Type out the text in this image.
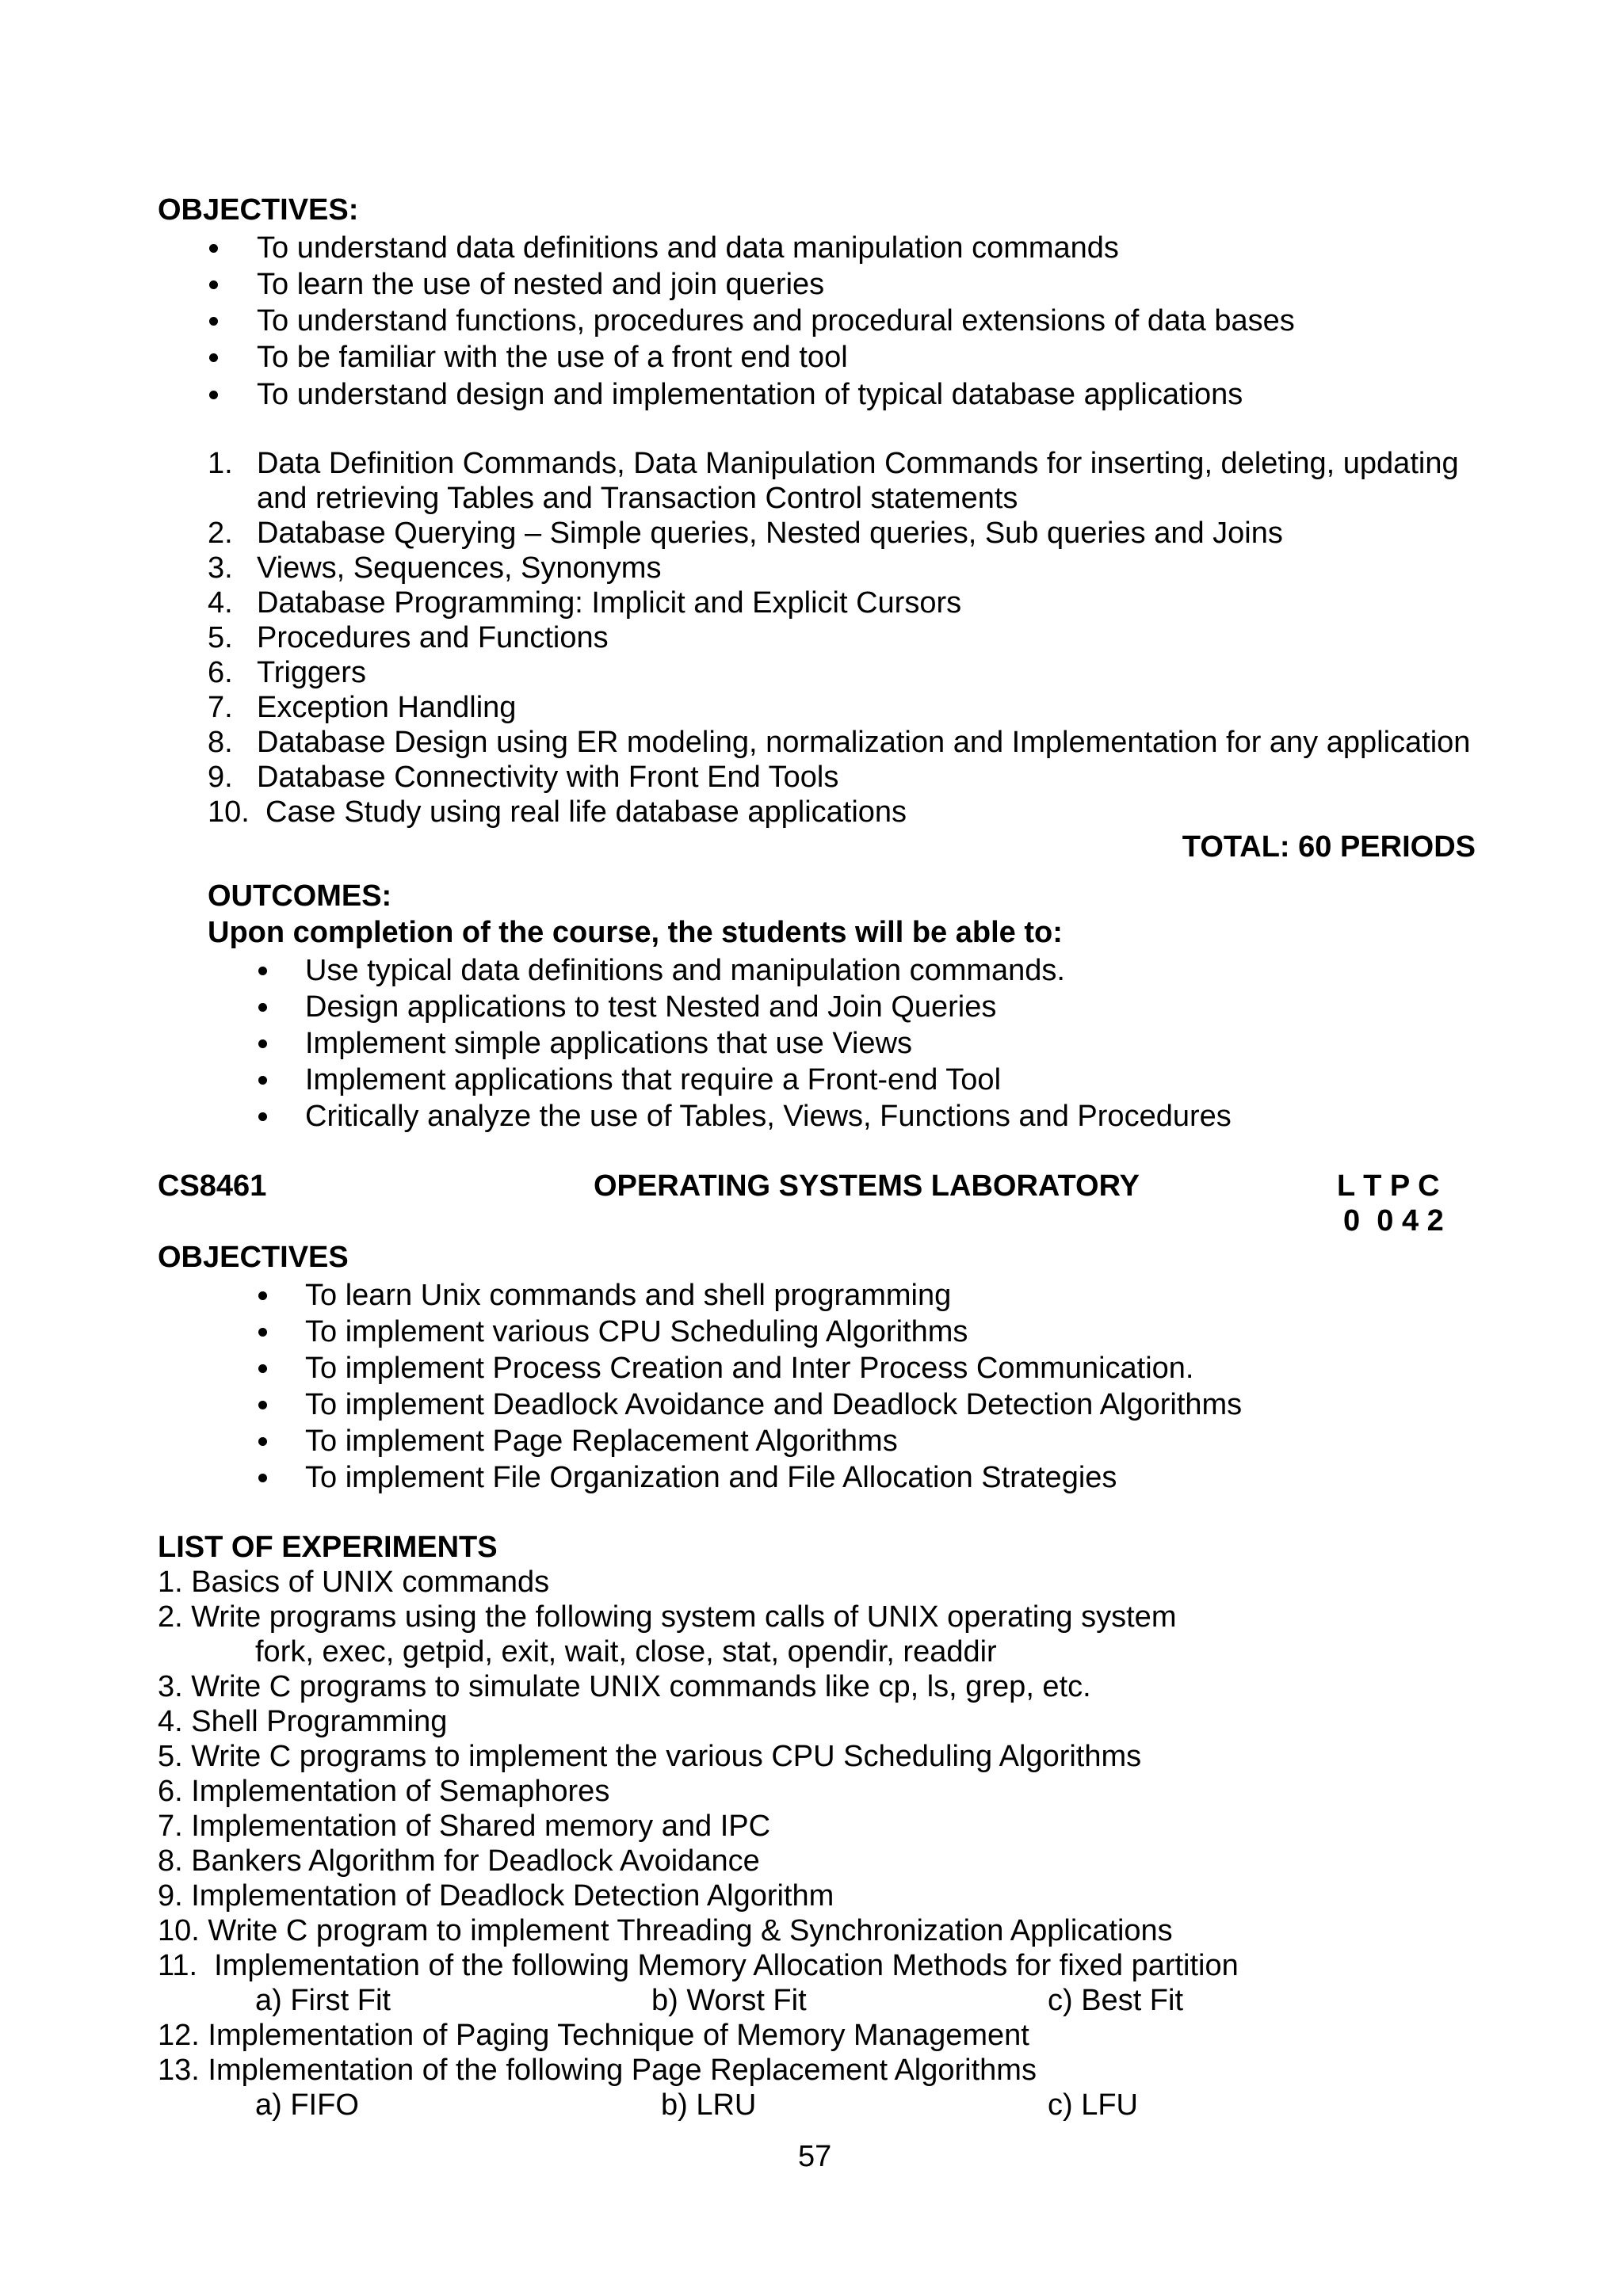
OBJECTIVES:
To understand data definitions and data manipulation commands
To learn the use of nested and join queries
To understand functions, procedures and procedural extensions of data bases
To be familiar with the use of a front end tool
To understand design and implementation of typical database applications
1. Data Definition Commands, Data Manipulation Commands for inserting, deleting, updating
and retrieving Tables and Transaction Control statements
2. Database Querying – Simple queries, Nested queries, Sub queries and Joins
3. Views, Sequences, Synonyms
4. Database Programming: Implicit and Explicit Cursors
5. Procedures and Functions
6. Triggers
7. Exception Handling
8. Database Design using ER modeling, normalization and Implementation for any application
9. Database Connectivity with Front End Tools
10. Case Study using real life database applications
TOTAL: 60 PERIODS
OUTCOMES:
Upon completion of the course, the students will be able to:
Use typical data definitions and manipulation commands.
Design applications to test Nested and Join Queries
Implement simple applications that use Views
Implement applications that require a Front-end Tool
Critically analyze the use of Tables, Views, Functions and Procedures
CS8461	OPERATING SYSTEMS LABORATORY	L T P C
0  0 4 2
OBJECTIVES
To learn Unix commands and shell programming
To implement various CPU Scheduling Algorithms
To implement Process Creation and Inter Process Communication.
To implement Deadlock Avoidance and Deadlock Detection Algorithms
To implement Page Replacement Algorithms
To implement File Organization and File Allocation Strategies
LIST OF EXPERIMENTS
1. Basics of UNIX commands
2. Write programs using the following system calls of UNIX operating system
fork, exec, getpid, exit, wait, close, stat, opendir, readdir
3. Write C programs to simulate UNIX commands like cp, ls, grep, etc.
4. Shell Programming
5. Write C programs to implement the various CPU Scheduling Algorithms
6. Implementation of Semaphores
7. Implementation of Shared memory and IPC
8. Bankers Algorithm for Deadlock Avoidance
9. Implementation of Deadlock Detection Algorithm
10. Write C program to implement Threading & Synchronization Applications
11.  Implementation of the following Memory Allocation Methods for fixed partition
a) First Fit	b) Worst Fit	c) Best Fit
12. Implementation of Paging Technique of Memory Management
13. Implementation of the following Page Replacement Algorithms
a) FIFO	b) LRU	c) LFU
57
